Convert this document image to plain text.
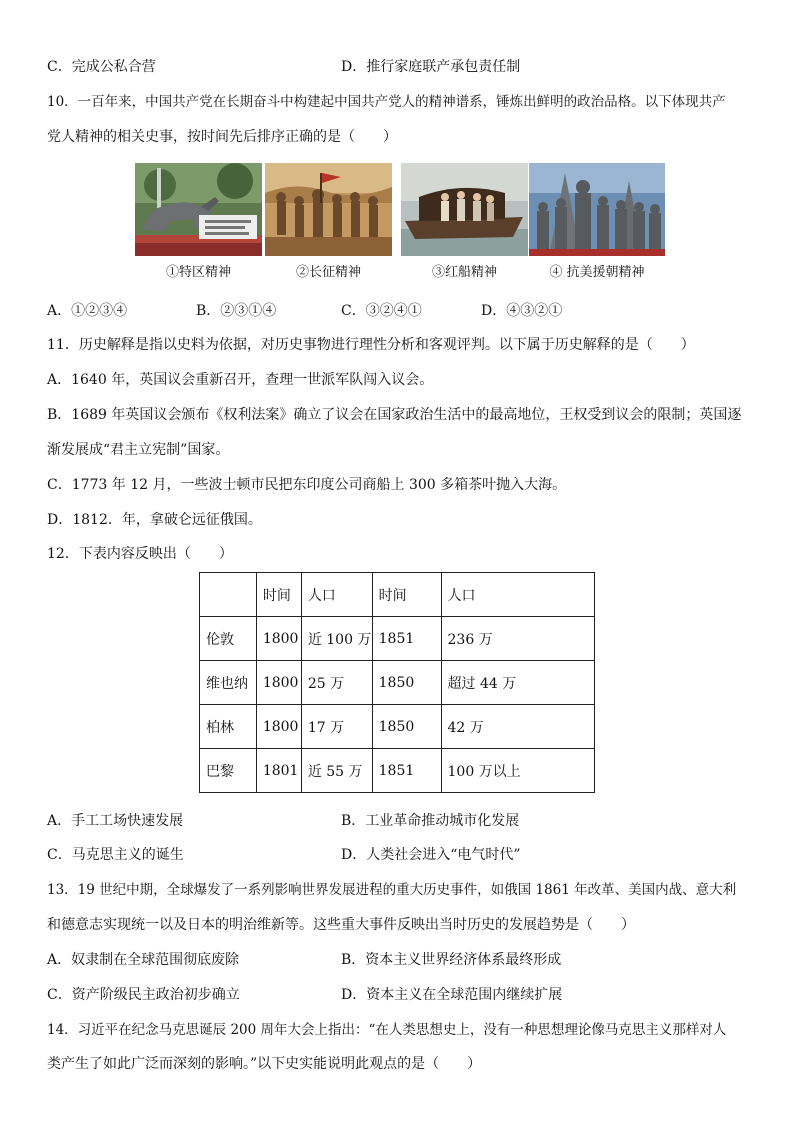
C．完成公私合营	D．推行家庭联产承包责任制
10．一百年来，中国共产党在长期奋斗中构建起中国共产党人的精神谱系，锤炼出鲜明的政治品格。以下体现共产
党人精神的相关史事，按时间先后排序正确的是（　　）
①特区精神	②长征精神	③红船精神	④ 抗美援朝精神
A．①②③④	B．②③①④	C．③②④①	D．④③②①
11．历史解释是指以史料为依据，对历史事物进行理性分析和客观评判。以下属于历史解释的是（　　）
A．1640 年，英国议会重新召开，查理一世派军队闯入议会。
B．1689 年英国议会颁布《权利法案》确立了议会在国家政治生活中的最高地位，王权受到议会的限制；英国逐
渐发展成“君主立宪制”国家。
C．1773 年 12 月，一些波士顿市民把东印度公司商船上 300 多箱茶叶抛入大海。
D．1812．年，拿破仑远征俄国。
12．下表内容反映出（　　）
	时间	人口	时间	人口
伦敦	1800	近 100 万	1851	236 万
维也纳	1800	25 万	1850	超过 44 万
柏林	1800	17 万	1850	42 万
巴黎	1801	近 55 万	1851	100 万以上
A．手工工场快速发展	B．工业革命推动城市化发展
C．马克思主义的诞生	D．人类社会进入“电气时代”
13．19 世纪中期，全球爆发了一系列影响世界发展进程的重大历史事件，如俄国 1861 年改革、美国内战、意大利
和德意志实现统一以及日本的明治维新等。这些重大事件反映出当时历史的发展趋势是（　　）
A．奴隶制在全球范围彻底废除	B．资本主义世界经济体系最终形成
C．资产阶级民主政治初步确立	D．资本主义在全球范围内继续扩展
14．习近平在纪念马克思诞辰 200 周年大会上指出：“在人类思想史上，没有一种思想理论像马克思主义那样对人
类产生了如此广泛而深刻的影响。”以下史实能说明此观点的是（　　）
